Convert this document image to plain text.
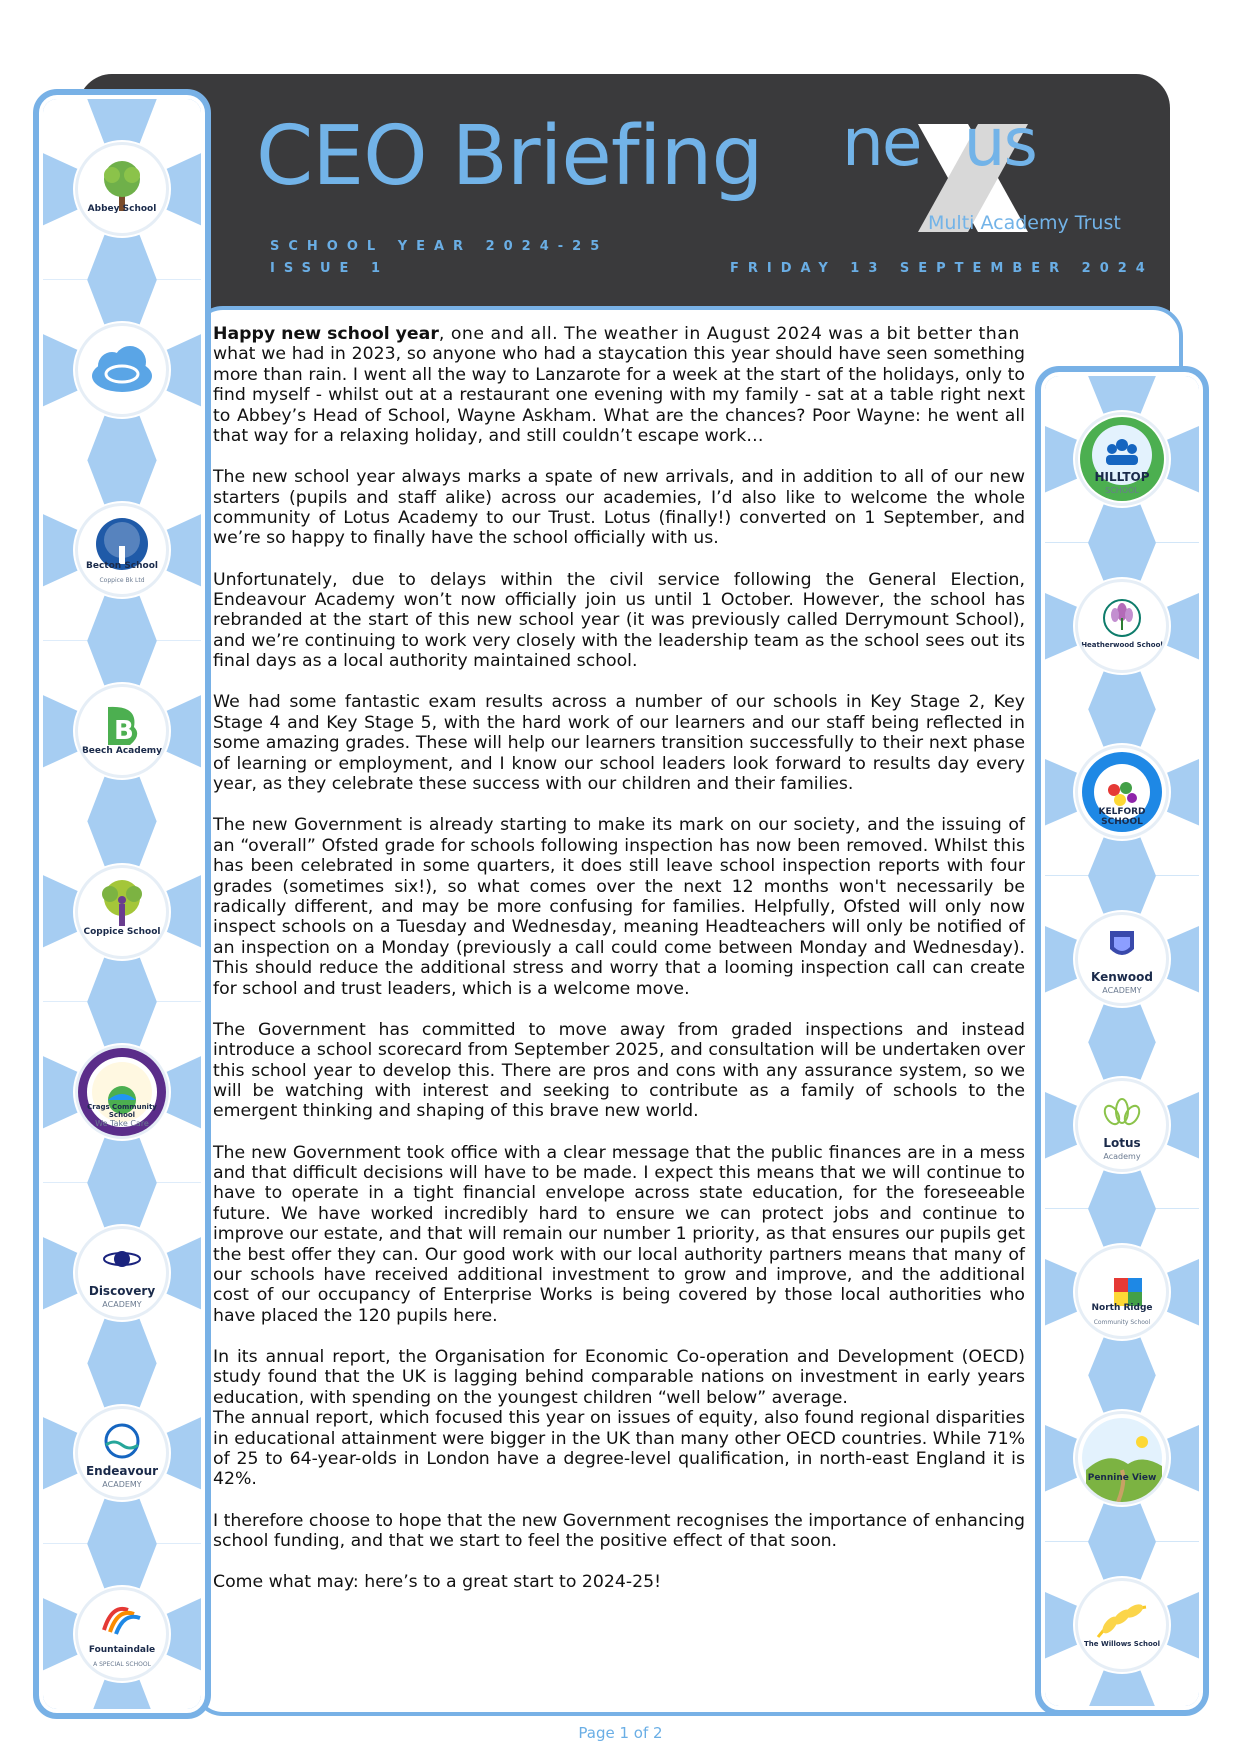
CEO Briefing
SCHOOL YEAR 2024-25
ISSUE 1	FRIDAY 13 SEPTEMBER 2024
ne us
Multi Academy Trust
Abbey School
Becton School
Coppice Bk Ltd
B
Beech Academy
Coppice School
Crags Community School
We Take Care
Discovery
ACADEMY
Endeavour
ACADEMY
Fountaindale
A SPECIAL SCHOOL
HILLTOP
SCHOOL
Heatherwood School
KELFORD SCHOOL
Kenwood
ACADEMY
Lotus
Academy
North Ridge
Community School
Pennine View
The Willows School

Happy new school year, one and all. The weather in August 2024 was a bit better than
what we had in 2023, so anyone who had a staycation this year should have seen something more than rain. I went all the way to Lanzarote for a week at the start of the holidays, only to find myself - whilst out at a restaurant one evening with my family - sat at a table right next to Abbey’s Head of School, Wayne Askham. What are the chances? Poor Wayne: he went all that way for a relaxing holiday, and still couldn’t escape work…

The new school year always marks a spate of new arrivals, and in addition to all of our new starters (pupils and staff alike) across our academies, I’d also like to welcome the whole community of Lotus Academy to our Trust. Lotus (finally!) converted on 1 September, and we’re so happy to finally have the school officially with us.

Unfortunately, due to delays within the civil service following the General Election, Endeavour Academy won’t now officially join us until 1 October. However, the school has rebranded at the start of this new school year (it was previously called Derrymount School), and we’re continuing to work very closely with the leadership team as the school sees out its final days as a local authority maintained school.

We had some fantastic exam results across a number of our schools in Key Stage 2, Key Stage 4 and Key Stage 5, with the hard work of our learners and our staff being reflected in some amazing grades. These will help our learners transition successfully to their next phase of learning or employment, and I know our school leaders look forward to results day every year, as they celebrate these success with our children and their families.

The new Government is already starting to make its mark on our society, and the issuing of an “overall” Ofsted grade for schools following inspection has now been removed. Whilst this has been celebrated in some quarters, it does still leave school inspection reports with four grades (sometimes six!), so what comes over the next 12 months won't necessarily be radically different, and may be more confusing for families. Helpfully, Ofsted will only now inspect schools on a Tuesday and Wednesday, meaning Headteachers will only be notified of an inspection on a Monday (previously a call could come between Monday and Wednesday). This should reduce the additional stress and worry that a looming inspection call can create for school and trust leaders, which is a welcome move.

The Government has committed to move away from graded inspections and instead introduce a school scorecard from September 2025, and consultation will be undertaken over this school year to develop this. There are pros and cons with any assurance system, so we will be watching with interest and seeking to contribute as a family of schools to the emergent thinking and shaping of this brave new world.

The new Government took office with a clear message that the public finances are in a mess and that difficult decisions will have to be made. I expect this means that we will continue to have to operate in a tight financial envelope across state education, for the foreseeable future. We have worked incredibly hard to ensure we can protect jobs and continue to improve our estate, and that will remain our number 1 priority, as that ensures our pupils get the best offer they can. Our good work with our local authority partners means that many of our schools have received additional investment to grow and improve, and the additional cost of our occupancy of Enterprise Works is being covered by those local authorities who have placed the 120 pupils here.

In its annual report, the Organisation for Economic Co-operation and Development (OECD) study found that the UK is lagging behind comparable nations on investment in early years education, with spending on the youngest children “well below” average.
The annual report, which focused this year on issues of equity, also found regional disparities in educational attainment were bigger in the UK than many other OECD countries. While 71% of 25 to 64-year-olds in London have a degree-level qualification, in north-east England it is 42%.

I therefore choose to hope that the new Government recognises the importance of enhancing school funding, and that we start to feel the positive effect of that soon.

Come what may: here’s to a great start to 2024-25!

Page 1 of 2
